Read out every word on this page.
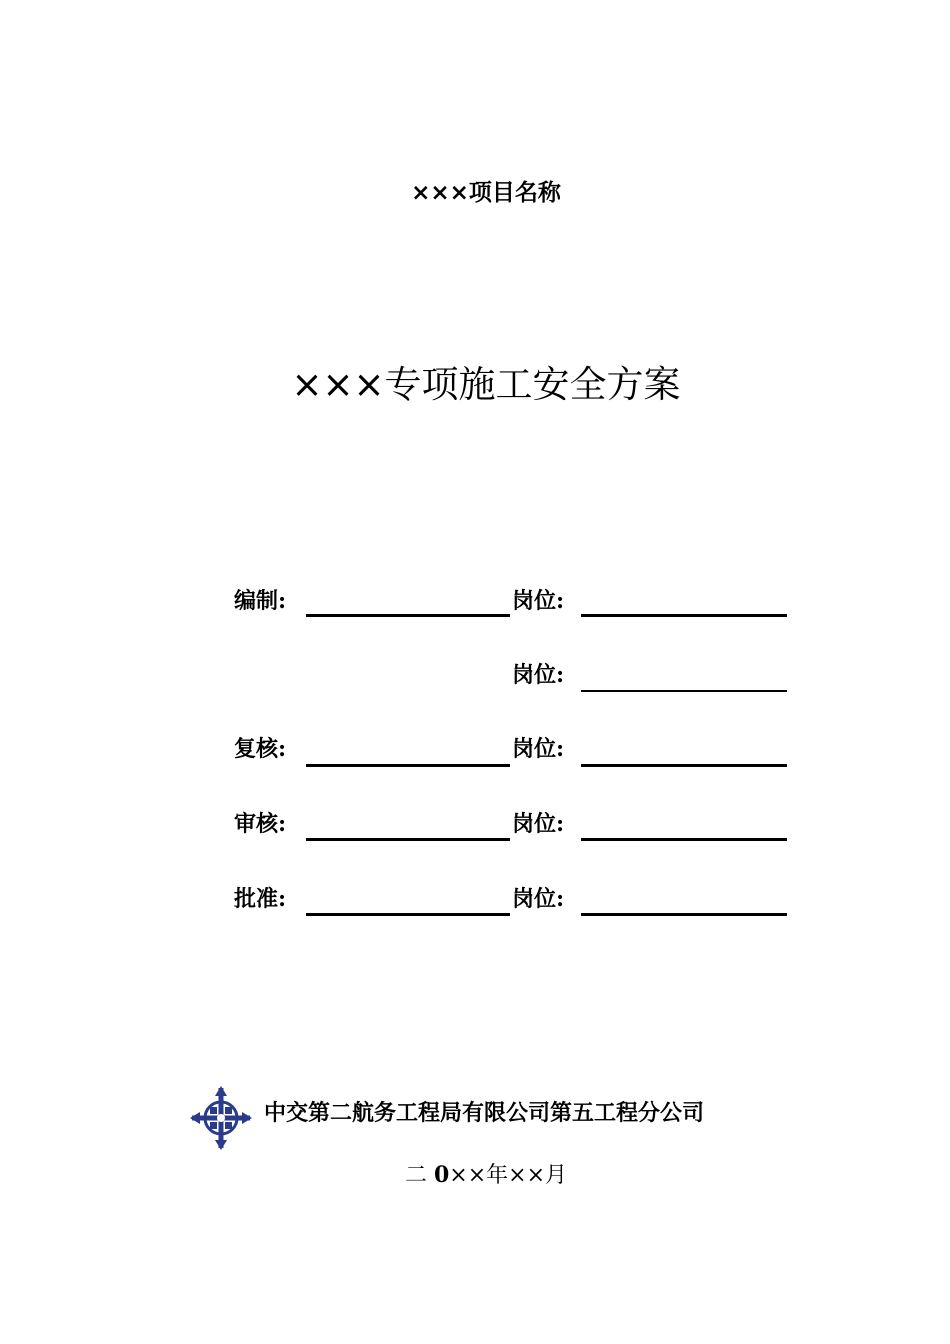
×××项目名称
×××专项施工安全方案
编制:	岗位:
岗位:
复核:	岗位:
审核:	岗位:
批准:	岗位:
中交第二航务工程局有限公司第五工程分公司
二 0××年××月
